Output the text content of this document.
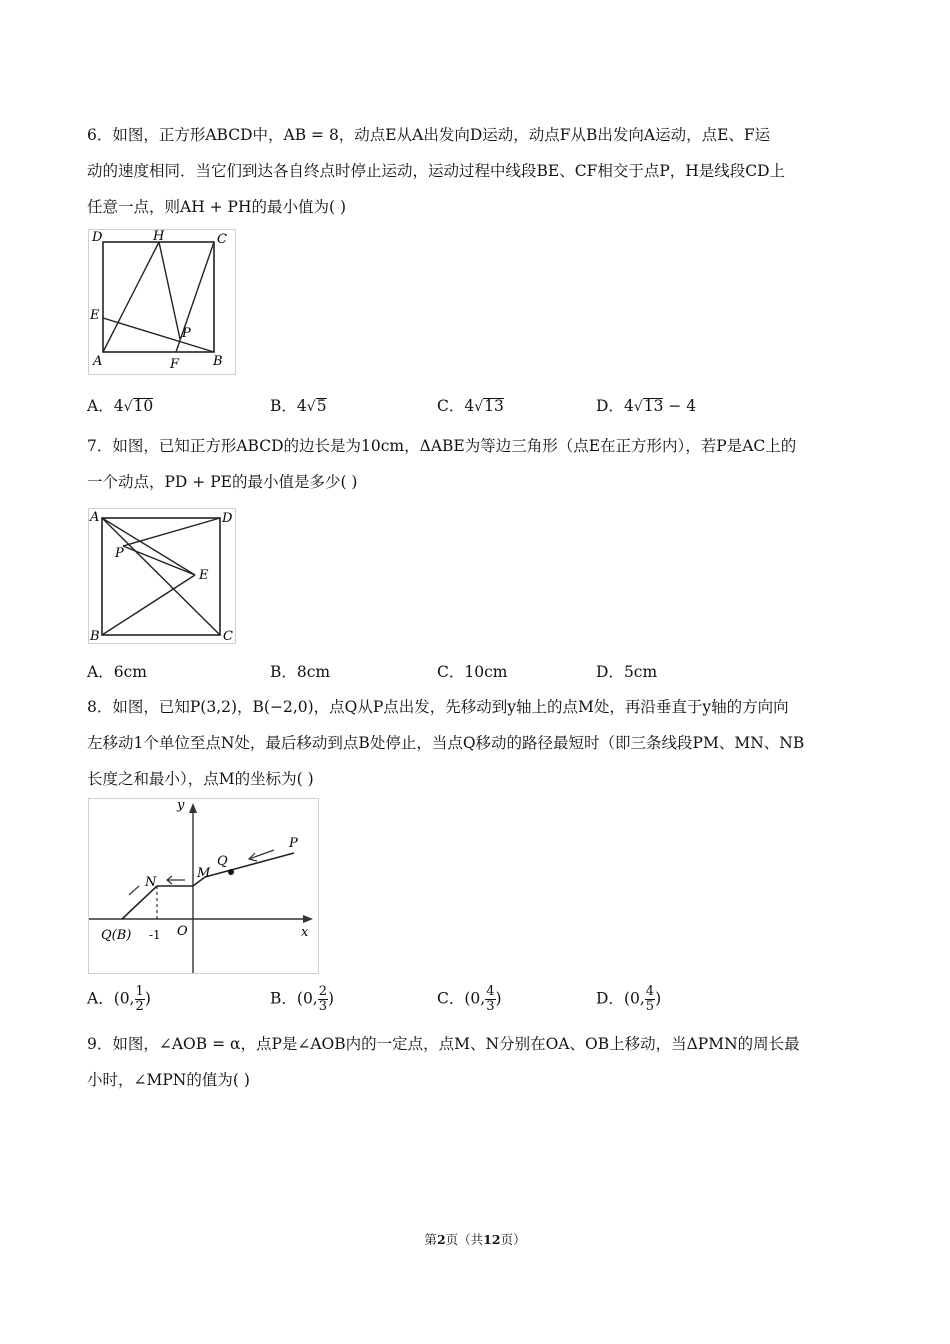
6．如图，正方形ABCD中，AB = 8，动点E从A出发向D运动，动点F从B出发向A运动，点E、F运

动的速度相同．当它们到达各自终点时停止运动，运动过程中线段BE、CF相交于点P，H是线段CD上

任意一点，则AH + PH的最小值为( )

D	H	C
E
P
A	F	B
A．4√10	B．4√5	C．4√13	D．4√13 − 4

7．如图，已知正方形ABCD的边长是为10cm，ΔABE为等边三角形（点E在正方形内），若P是AC上的

一个动点，PD + PE的最小值是多少( )

A	D
P
E
B	C
A．6cm	B．8cm	C．10cm	D．5cm

8．如图，已知P(3,2)，B(−2,0)，点Q从P点出发，先移动到y轴上的点M处，再沿垂直于y轴的方向向

左移动1个单位至点N处，最后移动到点B处停止，当点Q移动的路径最短时（即三条线段PM、MN、NB

长度之和最小），点M的坐标为( )

y
P
Q
M
N
Q(B) -1 O	x
A．(0, $\frac{1}{2}$ )	B．(0, $\frac{2}{3}$ )	C．(0, $\frac{4}{3}$ )	D．(0, $\frac{4}{5}$ )

9．如图，∠AOB = α，点P是∠AOB内的一定点，点M、N分别在OA、OB上移动，当ΔPMN的周长最

小时，∠MPN的值为( )

第2页（共12页）
